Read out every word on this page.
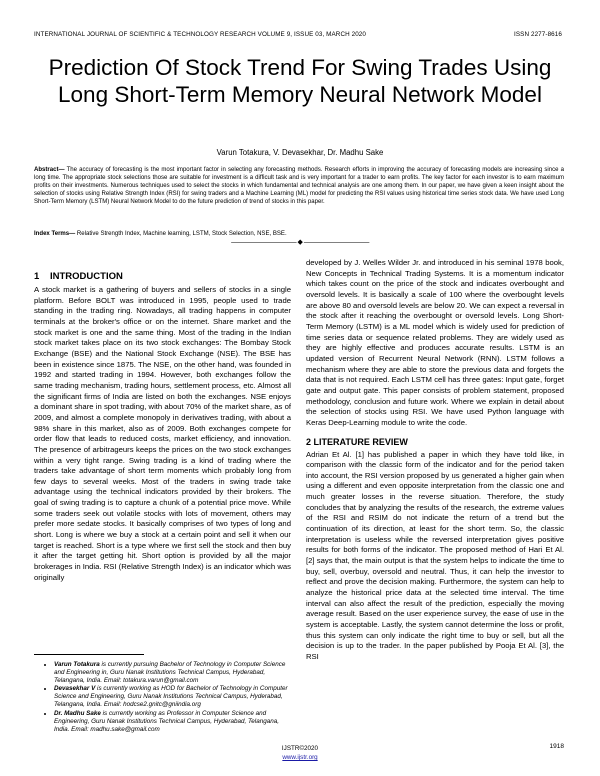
INTERNATIONAL JOURNAL OF SCIENTIFIC & TECHNOLOGY RESEARCH VOLUME 9, ISSUE 03, MARCH 2020	ISSN 2277-8616
Prediction Of Stock Trend For Swing Trades Using Long Short-Term Memory Neural Network Model
Varun Totakura, V. Devasekhar, Dr. Madhu Sake
Abstract— The accuracy of forecasting is the most important factor in selecting any forecasting methods. Research efforts in improving the accuracy of forecasting models are increasing since a long time. The appropriate stock selections those are suitable for investment is a difficult task and is very important for a trader to earn profits. The key factor for each investor is to earn maximum profits on their investments. Numerous techniques used to select the stocks in which fundamental and technical analysis are one among them. In our paper, we have given a keen insight about the selection of stocks using Relative Strength Index (RSI) for swing traders and a Machine Learning (ML) model for predicting the RSI values using historical time series stock data. We have used Long Short-Term Memory (LSTM) Neural Network Model to do the future prediction of trend of stocks in this paper.
Index Terms— Relative Strength Index, Machine learning, LSTM, Stock Selection, NSE, BSE.
—————————— ◆ ——————————
1 INTRODUCTION

A stock market is a gathering of buyers and sellers of stocks in a single platform. Before BOLT was introduced in 1995, people used to trade standing in the trading ring. Nowadays, all trading happens in computer terminals at the broker's office or on the internet. Share market and the stock market is one and the same thing. Most of the trading in the Indian stock market takes place on its two stock exchanges: The Bombay Stock Exchange (BSE) and the National Stock Exchange (NSE). The BSE has been in existence since 1875. The NSE, on the other hand, was founded in 1992 and started trading in 1994. However, both exchanges follow the same trading mechanism, trading hours, settlement process, etc. Almost all the significant firms of India are listed on both the exchanges. NSE enjoys a dominant share in spot trading, with about 70% of the market share, as of 2009, and almost a complete monopoly in derivatives trading, with about a 98% share in this market, also as of 2009. Both exchanges compete for order flow that leads to reduced costs, market efficiency, and innovation. The presence of arbitrageurs keeps the prices on the two stock exchanges within a very tight range. Swing trading is a kind of trading where the traders take advantage of short term moments which probably long from few days to several weeks. Most of the traders in swing trade take advantage using the technical indicators provided by their brokers. The goal of swing trading is to capture a chunk of a potential price move. While some traders seek out volatile stocks with lots of movement, others may prefer more sedate stocks. It basically comprises of two types of long and short. Long is where we buy a stock at a certain point and sell it when our target is reached. Short is a type where we first sell the stock and then buy it after the target getting hit. Short option is provided by all the major brokerages in India. RSI (Relative Strength Index) is an indicator which was originally

developed by J. Welles Wilder Jr. and introduced in his seminal 1978 book, New Concepts in Technical Trading Systems. It is a momentum indicator which takes count on the price of the stock and indicates overbought and oversold levels. It is basically a scale of 100 where the overbought levels are above 80 and oversold levels are below 20. We can expect a reversal in the stock after it reaching the overbought or oversold levels. Long Short-Term Memory (LSTM) is a ML model which is widely used for prediction of time series data or sequence related problems. They are widely used as they are highly effective and produces accurate results. LSTM is an updated version of Recurrent Neural Network (RNN). LSTM follows a mechanism where they are able to store the previous data and forgets the data that is not required. Each LSTM cell has three gates: Input gate, forget gate and output gate. This paper consists of problem statement, proposed methodology, conclusion and future work. Where we explain in detail about the selection of stocks using RSI. We have used Python language with Keras Deep-Learning module to write the code.

2 LITERATURE REVIEW

Adrian Et Al. [1] has published a paper in which they have told like, in comparison with the classic form of the indicator and for the period taken into account, the RSI version proposed by us generated a higher gain when using a different and even opposite interpretation from the classic one and much greater losses in the reverse situation. Therefore, the study concludes that by analyzing the results of the research, the extreme values of the RSI and RSIM do not indicate the return of a trend but the continuation of its direction, at least for the short term. So, the classic interpretation is useless while the reversed interpretation gives positive results for both forms of the indicator. The proposed method of Hari Et Al. [2] says that, the main output is that the system helps to indicate the time to buy, sell, overbuy, oversold and neutral. Thus, it can help the investor to reflect and prove the decision making. Furthermore, the system can help to analyze the historical price data at the selected time interval. The time interval can also affect the result of the prediction, especially the moving average result. Based on the user experience survey, the ease of use in the system is acceptable. Lastly, the system cannot determine the loss or profit, thus this system can only indicate the right time to buy or sell, but all the decision is up to the trader. In the paper published by Pooja Et Al. [3], the RSI

• Varun Totakura is currently pursuing Bachelor of Technology in Computer Science and Engineering in, Guru Nanak Institutions Technical Campus, Hyderabad, Telangana, India. Email: totakura.varun@gmail.com
• Devasekhar V is currently working as HOD for Bachelor of Technology in Computer Science and Engineering, Guru Nanak Institutions Technical Campus, Hyderabad, Telangana, India. Email: hodcse2.gnitc@gniindia.org
• Dr. Madhu Sake is currently working as Professor in Computer Science and Engineering, Guru Nanak Institutions Technical Campus, Hyderabad, Telangana, India. Email: madhu.sake@gmail.com
IJSTR©2020
www.ijstr.org
1918
